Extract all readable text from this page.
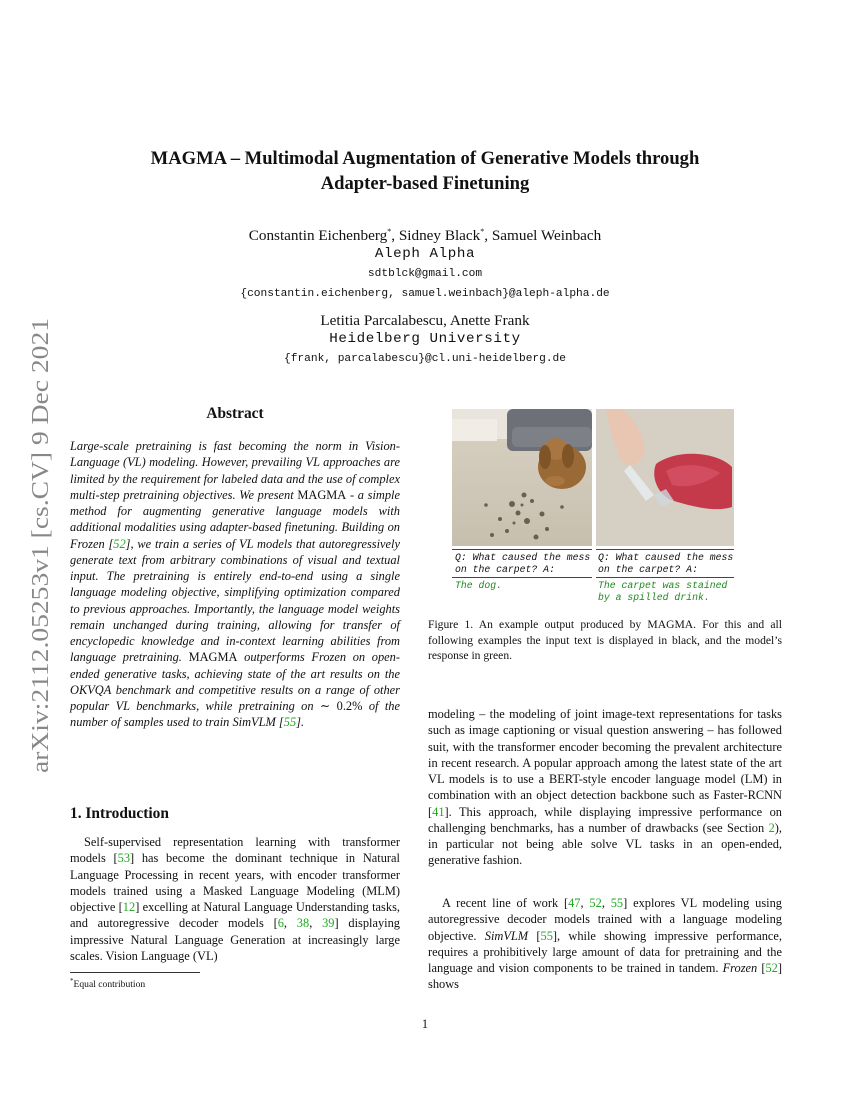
MAGMA – Multimodal Augmentation of Generative Models through
Adapter-based Finetuning
Constantin Eichenberg*, Sidney Black*, Samuel Weinbach
Aleph Alpha
sdtblck@gmail.com
{constantin.eichenberg, samuel.weinbach}@aleph-alpha.de
Letitia Parcalabescu, Anette Frank
Heidelberg University
{frank, parcalabescu}@cl.uni-heidelberg.de
arXiv:2112.05253v1 [cs.CV] 9 Dec 2021	Abstract
Large-scale pretraining is fast becoming the norm in Vision-Language (VL) modeling. However, prevailing VL approaches are limited by the requirement for labeled data and the use of complex multi-step pretraining objectives. We present MAGMA - a simple method for augmenting generative language models with additional modalities using adapter-based finetuning. Building on Frozen [52], we train a series of VL models that autoregressively generate text from arbitrary combinations of visual and textual input. The pretraining is entirely end-to-end using a single language modeling objective, simplifying optimization compared to previous approaches. Importantly, the language model weights remain unchanged during training, allowing for transfer of encyclopedic knowledge and in-context learning abilities from language pretraining. MAGMA outperforms Frozen on open-ended generative tasks, achieving state of the art results on the OKVQA benchmark and competitive results on a range of other popular VL benchmarks, while pretraining on ∼ 0.2% of the number of samples used to train SimVLM [55].
1. Introduction
Self-supervised representation learning with transformer models [53] has become the dominant technique in Natural Language Processing in recent years, with encoder transformer models trained using a Masked Language Modeling (MLM) objective [12] excelling at Natural Language Understanding tasks, and autoregressive decoder models [6, 38, 39] displaying impressive Natural Language Generation at increasingly large scales. Vision Language (VL)
*Equal contribution
1
Q: What caused the mess
on the carpet? A:
Q: What caused the mess
on the carpet? A:
The dog.	The carpet was stained
by a spilled drink.
Figure 1. An example output produced by MAGMA. For this and all following examples the input text is displayed in black, and the model’s response in green.
modeling – the modeling of joint image-text representations for tasks such as image captioning or visual question answering – has followed suit, with the transformer encoder becoming the prevalent architecture in recent research. A popular approach among the latest state of the art VL models is to use a BERT-style encoder language model (LM) in combination with an object detection backbone such as Faster-RCNN [41]. This approach, while displaying impressive performance on challenging benchmarks, has a number of drawbacks (see Section 2), in particular not being able solve VL tasks in an open-ended, generative fashion.
A recent line of work [47, 52, 55] explores VL modeling using autoregressive decoder models trained with a language modeling objective. SimVLM [55], while showing impressive performance, requires a prohibitively large amount of data for pretraining and the language and vision components to be trained in tandem. Frozen [52] shows
